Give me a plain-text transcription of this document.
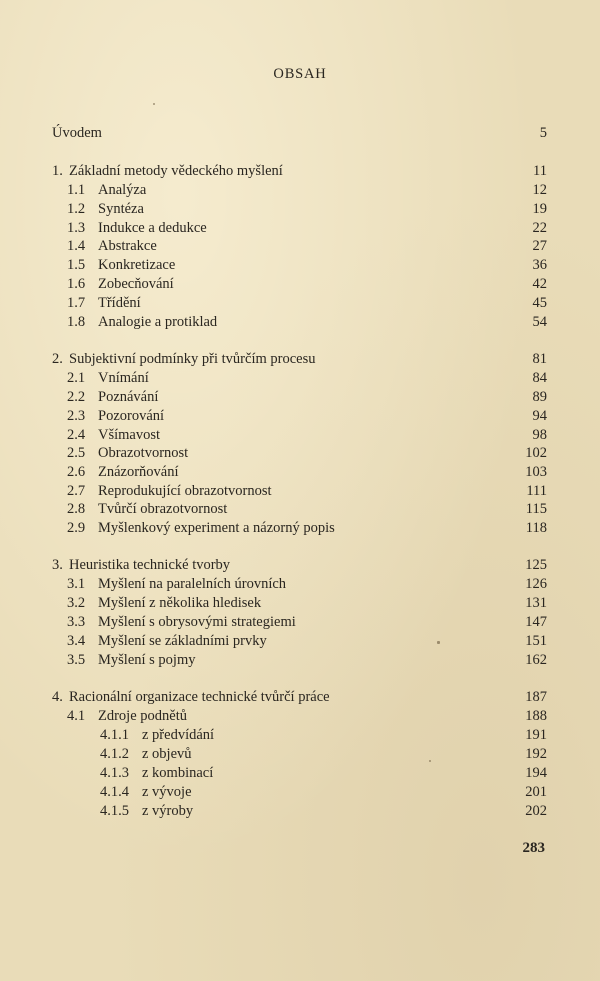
OBSAH
Úvodem	5
1. Základní metody vědeckého myšlení	11
1.1 Analýza	12
1.2 Syntéza	19
1.3 Indukce a dedukce	22
1.4 Abstrakce	27
1.5 Konkretizace	36
1.6 Zobecňování	42
1.7 Třídění	45
1.8 Analogie a protiklad	54
2. Subjektivní podmínky při tvůrčím procesu	81
2.1 Vnímání	84
2.2 Poznávání	89
2.3 Pozorování	94
2.4 Všímavost	98
2.5 Obrazotvornost	102
2.6 Znázorňování	103
2.7 Reprodukující obrazotvornost	111
2.8 Tvůrčí obrazotvornost	115
2.9 Myšlenkový experiment a názorný popis	118
3. Heuristika technické tvorby	125
3.1 Myšlení na paralelních úrovních	126
3.2 Myšlení z několika hledisek	131
3.3 Myšlení s obrysovými strategiemi	147
3.4 Myšlení se základními prvky	151
3.5 Myšlení s pojmy	162
4. Racionální organizace technické tvůrčí práce	187
4.1 Zdroje podnětů	188
4.1.1 z předvídání	191
4.1.2 z objevů	192
4.1.3 z kombinací	194
4.1.4 z vývoje	201
4.1.5 z výroby	202
283
